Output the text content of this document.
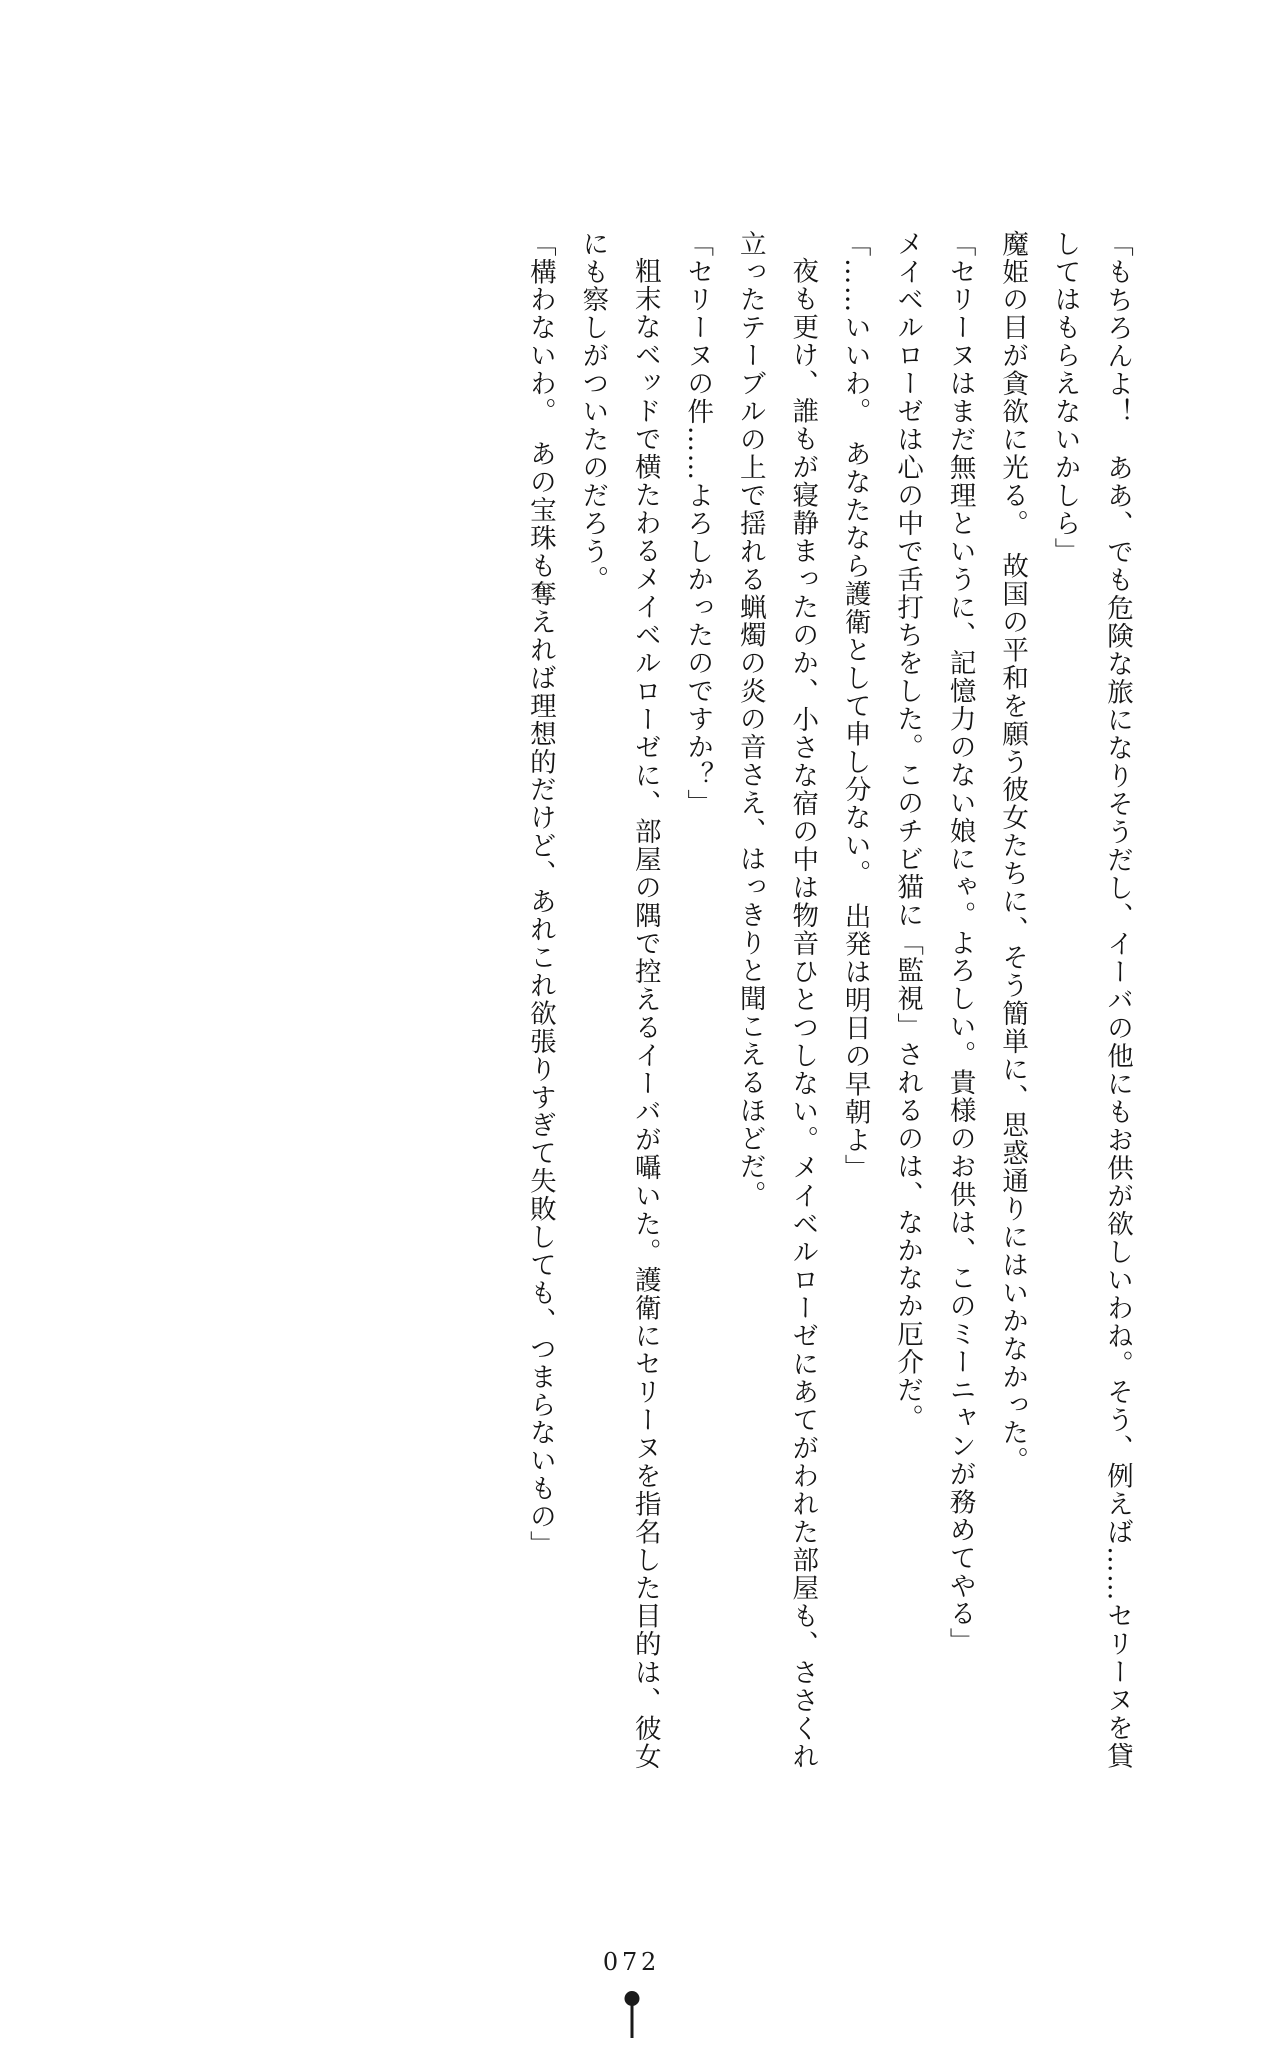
「もちろんよ！　ああ、でも危険な旅になりそうだし、イーバの他にもお供が欲しいわね。そう、例えば……セリーヌを貸してはもらえないかしら」

魔姫の目が貪欲に光る。　故国の平和を願う彼女たちに、そう簡単に、思惑通りにはいかなかった。

「セリーヌはまだ無理というに、記憶力のない娘にゃ。よろしい。貴様のお供は、このミーニャンが務めてやる」

メイベルローゼは心の中で舌打ちをした。このチビ猫に「監視」されるのは、なかなか厄介だ。

「……いいわ。　あなたなら護衛として申し分ない。　出発は明日の早朝よ」

夜も更け、誰もが寝静まったのか、小さな宿の中は物音ひとつしない。メイベルローゼにあてがわれた部屋も、ささくれ立ったテーブルの上で揺れる蝋燭の炎の音さえ、はっきりと聞こえるほどだ。

「セリーヌの件……よろしかったのですか？」

粗末なベッドで横たわるメイベルローゼに、部屋の隅で控えるイーバが囁いた。護衛にセリーヌを指名した目的は、彼女にも察しがついたのだろう。

「構わないわ。　あの宝珠も奪えれば理想的だけど、あれこれ欲張りすぎて失敗しても、つまらないもの」

072
